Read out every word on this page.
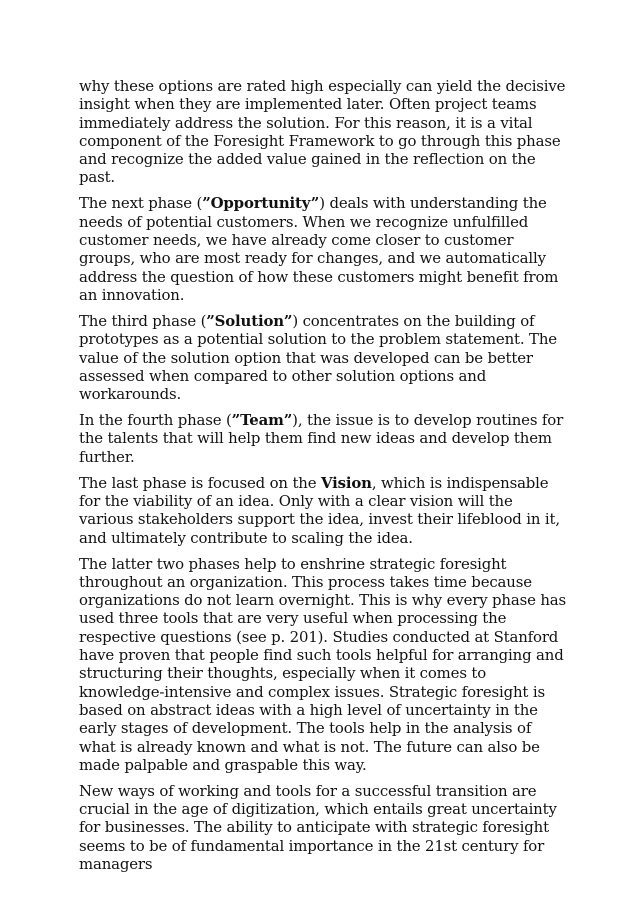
why these options are rated high especially can yield the decisive insight when they are implemented later. Often project teams immediately address the solution. For this reason, it is a vital component of the Foresight Framework to go through this phase and recognize the added value gained in the reflection on the past.

The next phase (”Opportunity”) deals with understanding the needs of potential customers. When we recognize unfulfilled customer needs, we have already come closer to customer groups, who are most ready for changes, and we automatically address the question of how these customers might benefit from an innovation.

The third phase (”Solution”) concentrates on the building of prototypes as a potential solution to the problem statement. The value of the solution option that was developed can be better assessed when compared to other solution options and workarounds.

In the fourth phase (”Team”), the issue is to develop routines for the talents that will help them find new ideas and develop them further.

The last phase is focused on the Vision, which is indispensable for the viability of an idea. Only with a clear vision will the various stakeholders support the idea, invest their lifeblood in it, and ultimately contribute to scaling the idea.

The latter two phases help to enshrine strategic foresight throughout an organization. This process takes time because organizations do not learn overnight. This is why every phase has used three tools that are very useful when processing the respective questions (see p. 201). Studies conducted at Stanford have proven that people find such tools helpful for arranging and structuring their thoughts, especially when it comes to knowledge-intensive and complex issues. Strategic foresight is based on abstract ideas with a high level of uncertainty in the early stages of development. The tools help in the analysis of what is already known and what is not. The future can also be made palpable and graspable this way.

New ways of working and tools for a successful transition are crucial in the age of digitization, which entails great uncertainty for businesses. The ability to anticipate with strategic foresight seems to be of fundamental importance in the 21st century for managers
